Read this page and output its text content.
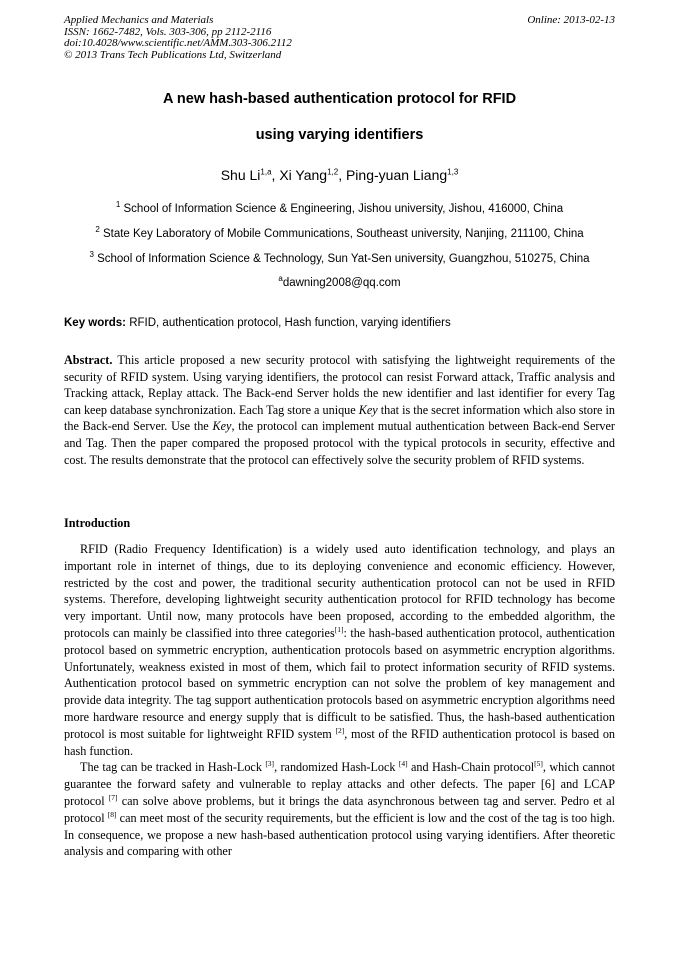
Applied Mechanics and Materials
ISSN: 1662-7482, Vols. 303-306, pp 2112-2116
doi:10.4028/www.scientific.net/AMM.303-306.2112
© 2013 Trans Tech Publications Ltd, Switzerland
Online: 2013-02-13
A new hash-based authentication protocol for RFID
using varying identifiers
Shu Li$^{1,a}$, Xi Yang$^{1,2}$, Ping-yuan Liang$^{1,3}$
$^1$ School of Information Science & Engineering, Jishou university, Jishou, 416000, China
$^2$ State Key Laboratory of Mobile Communications, Southeast university, Nanjing, 211100, China
$^3$ School of Information Science & Technology, Sun Yat-Sen university, Guangzhou, 510275, China
$^a$dawning2008@qq.com
Key words: RFID, authentication protocol, Hash function, varying identifiers
Abstract. This article proposed a new security protocol with satisfying the lightweight requirements of the security of RFID system. Using varying identifiers, the protocol can resist Forward attack, Traffic analysis and Tracking attack, Replay attack. The Back-end Server holds the new identifier and last identifier for every Tag can keep database synchronization. Each Tag store a unique Key that is the secret information which also store in the Back-end Server. Use the Key, the protocol can implement mutual authentication between Back-end Server and Tag. Then the paper compared the proposed protocol with the typical protocols in security, effective and cost. The results demonstrate that the protocol can effectively solve the security problem of RFID systems.
Introduction

RFID (Radio Frequency Identification) is a widely used auto identification technology, and plays an important role in internet of things, due to its deploying convenience and economic efficiency. However, restricted by the cost and power, the traditional security authentication protocol can not be used in RFID systems. Therefore, developing lightweight security authentication protocol for RFID technology has become very important. Until now, many protocols have been proposed, according to the embedded algorithm, the protocols can mainly be classified into three categories[1]: the hash-based authentication protocol, authentication protocol based on symmetric encryption, authentication protocols based on asymmetric encryption algorithms. Unfortunately, weakness existed in most of them, which fail to protect information security of RFID systems. Authentication protocol based on symmetric encryption can not solve the problem of key management and provide data integrity. The tag support authentication protocols based on asymmetric encryption algorithms need more hardware resource and energy supply that is difficult to be satisfied. Thus, the hash-based authentication protocol is most suitable for lightweight RFID system [2], most of the RFID authentication protocol is based on hash function.

The tag can be tracked in Hash-Lock [3], randomized Hash-Lock [4] and Hash-Chain protocol[5], which cannot guarantee the forward safety and vulnerable to replay attacks and other defects. The paper [6] and LCAP protocol [7] can solve above problems, but it brings the data asynchronous between tag and server. Pedro et al protocol [8] can meet most of the security requirements, but the efficient is low and the cost of the tag is too high. In consequence, we propose a new hash-based authentication protocol using varying identifiers. After theoretic analysis and comparing with other
